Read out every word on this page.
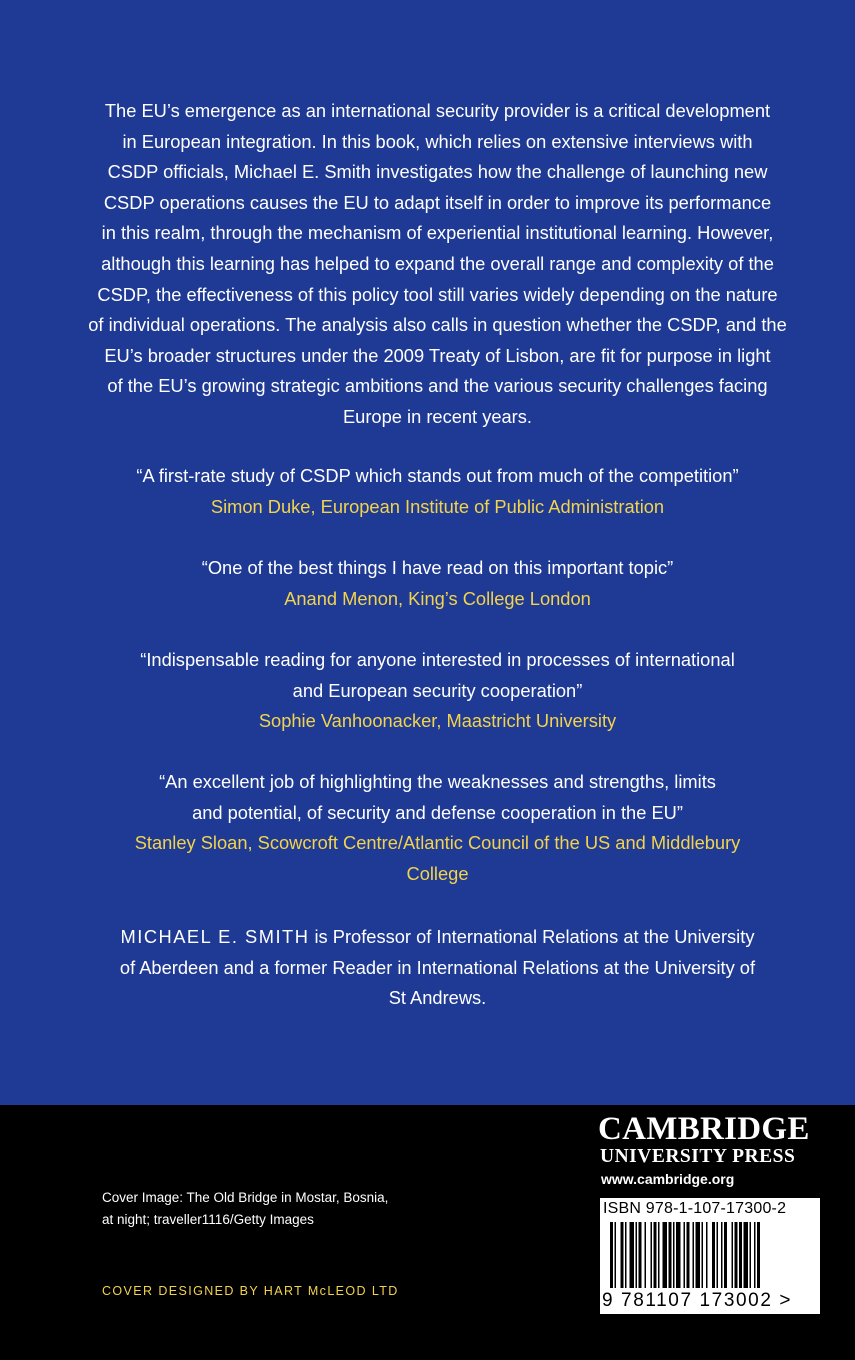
The EU’s emergence as an international security provider is a critical development
in European integration. In this book, which relies on extensive interviews with
CSDP officials, Michael E. Smith investigates how the challenge of launching new
CSDP operations causes the EU to adapt itself in order to improve its performance
in this realm, through the mechanism of experiential institutional learning. However,
although this learning has helped to expand the overall range and complexity of the
CSDP, the effectiveness of this policy tool still varies widely depending on the nature
of individual operations. The analysis also calls in question whether the CSDP, and the
EU’s broader structures under the 2009 Treaty of Lisbon, are fit for purpose in light
of the EU’s growing strategic ambitions and the various security challenges facing
Europe in recent years.

“A first-rate study of CSDP which stands out from much of the competition”

Simon Duke, European Institute of Public Administration

“One of the best things I have read on this important topic”

Anand Menon, King’s College London

“Indispensable reading for anyone interested in processes of international

and European security cooperation”

Sophie Vanhoonacker, Maastricht University

“An excellent job of highlighting the weaknesses and strengths, limits

and potential, of security and defense cooperation in the EU”

Stanley Sloan, Scowcroft Centre/Atlantic Council of the US and Middlebury

College

MICHAEL E. SMITH is Professor of International Relations at the University
of Aberdeen and a former Reader in International Relations at the University of
St Andrews.

Cover Image: The Old Bridge in Mostar, Bosnia,
at night; traveller1116/Getty Images

COVER DESIGNED BY HART McLEOD LTD

CAMBRIDGE

UNIVERSITY PRESS

www.cambridge.org

ISBN 978-1-107-17300-2
9 781107 173002 >
